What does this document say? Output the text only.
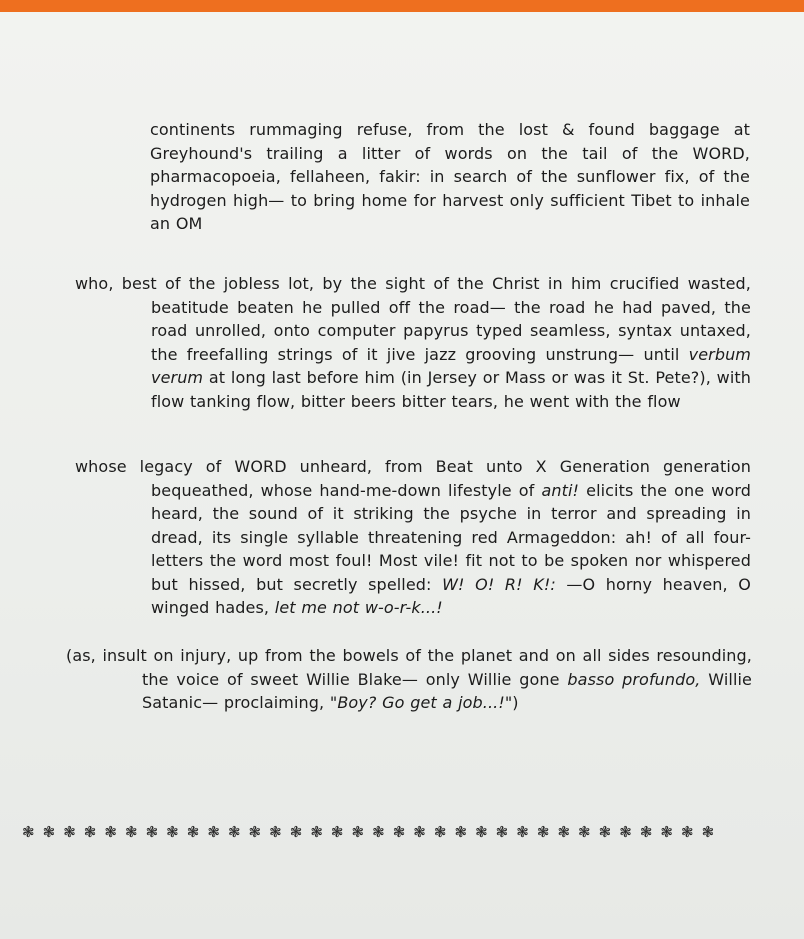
continents rummaging refuse, from the lost & found baggage at Greyhound's trailing a litter of words on the tail of the WORD, pharmacopoeia, fellaheen, fakir: in search of the sunflower fix, of the hydrogen high— to bring home for harvest only sufficient Tibet to inhale an OM

who, best of the jobless lot, by the sight of the Christ in him crucified wasted, beatitude beaten he pulled off the road— the road he had paved, the road unrolled, onto computer papyrus typed seamless, syntax untaxed, the freefalling strings of it jive jazz grooving unstrung— until verbum verum at long last before him (in Jersey or Mass or was it St. Pete?), with flow tanking flow, bitter beers bitter tears, he went with the flow

whose legacy of WORD unheard, from Beat unto X Generation generation bequeathed, whose hand-me-down lifestyle of anti! elicits the one word heard, the sound of it striking the psyche in terror and spreading in dread, its single syllable threatening red Armageddon: ah! of all four-letters the word most foul! Most vile! fit not to be spoken nor whispered but hissed, but secretly spelled: W! O! R! K!: —O horny heaven, O winged hades, let me not w-o-r-k...!

(as, insult on injury, up from the bowels of the planet and on all sides resounding, the voice of sweet Willie Blake— only Willie gone basso profundo, Willie Satanic— proclaiming, "Boy? Go get a job...!")

❃ ❃ ❃ ❃ ❃ ❃ ❃ ❃ ❃ ❃ ❃ ❃ ❃ ❃ ❃ ❃ ❃ ❃ ❃ ❃ ❃ ❃ ❃ ❃ ❃ ❃ ❃ ❃ ❃ ❃ ❃ ❃ ❃ ❃
